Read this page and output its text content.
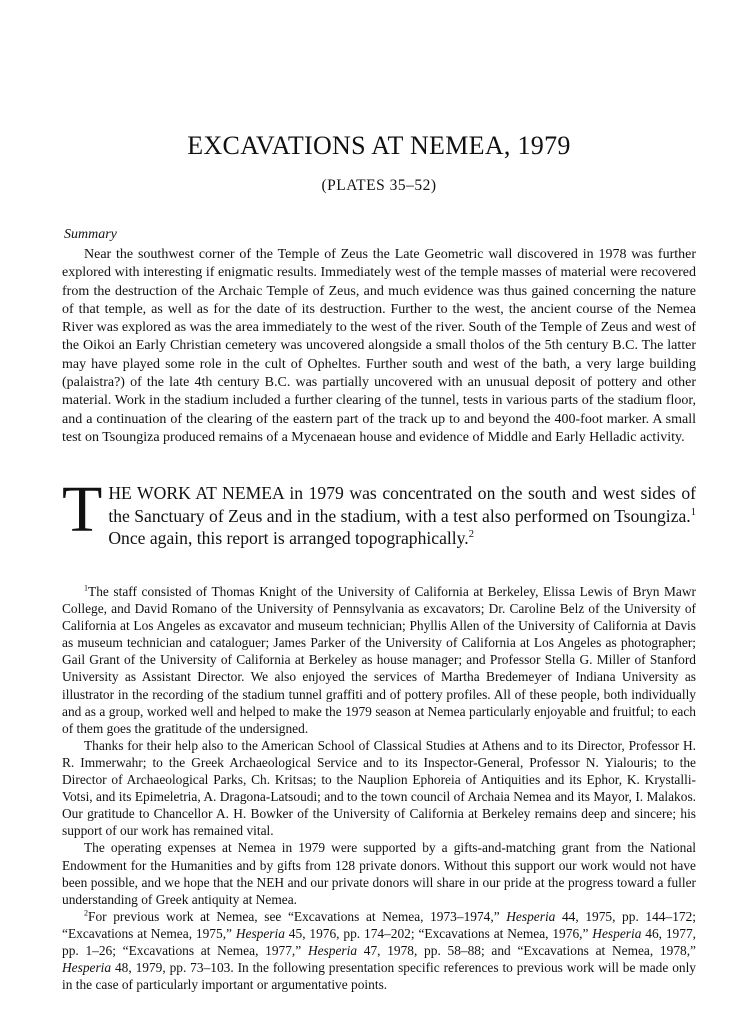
EXCAVATIONS AT NEMEA, 1979
(PLATES 35–52)
Summary

Near the southwest corner of the Temple of Zeus the Late Geometric wall discovered in 1978 was further explored with interesting if enigmatic results. Immediately west of the temple masses of material were recovered from the destruction of the Archaic Temple of Zeus, and much evidence was thus gained concerning the nature of that temple, as well as for the date of its destruction. Further to the west, the ancient course of the Nemea River was explored as was the area immediately to the west of the river. South of the Temple of Zeus and west of the Oikoi an Early Christian cemetery was uncovered alongside a small tholos of the 5th century B.C. The latter may have played some role in the cult of Opheltes. Further south and west of the bath, a very large building (palaistra?) of the late 4th century B.C. was partially uncovered with an unusual deposit of pottery and other material. Work in the stadium included a further clearing of the tunnel, tests in various parts of the stadium floor, and a continuation of the clearing of the eastern part of the track up to and beyond the 400-foot marker. A small test on Tsoungiza produced remains of a Mycenaean house and evidence of Middle and Early Helladic activity.

THE WORK AT NEMEA in 1979 was concentrated on the south and west sides of the Sanctuary of Zeus and in the stadium, with a test also performed on Tsoungiza.$^1$ Once again, this report is arranged topographically.$^2$

$^1$The staff consisted of Thomas Knight of the University of California at Berkeley, Elissa Lewis of Bryn Mawr College, and David Romano of the University of Pennsylvania as excavators; Dr. Caroline Belz of the University of California at Los Angeles as excavator and museum technician; Phyllis Allen of the University of California at Davis as museum technician and cataloguer; James Parker of the University of California at Los Angeles as photographer; Gail Grant of the University of California at Berkeley as house manager; and Professor Stella G. Miller of Stanford University as Assistant Director. We also enjoyed the services of Martha Bredemeyer of Indiana University as illustrator in the recording of the stadium tunnel graffiti and of pottery profiles. All of these people, both individually and as a group, worked well and helped to make the 1979 season at Nemea particularly enjoyable and fruitful; to each of them goes the gratitude of the undersigned.

Thanks for their help also to the American School of Classical Studies at Athens and to its Director, Professor H. R. Immerwahr; to the Greek Archaeological Service and to its Inspector-General, Professor N. Yialouris; to the Director of Archaeological Parks, Ch. Kritsas; to the Nauplion Ephoreia of Antiquities and its Ephor, K. Krystalli-Votsi, and its Epimeletria, A. Dragona-Latsoudi; and to the town council of Archaia Nemea and its Mayor, I. Malakos. Our gratitude to Chancellor A. H. Bowker of the University of California at Berkeley remains deep and sincere; his support of our work has remained vital.

The operating expenses at Nemea in 1979 were supported by a gifts-and-matching grant from the National Endowment for the Humanities and by gifts from 128 private donors. Without this support our work would not have been possible, and we hope that the NEH and our private donors will share in our pride at the progress toward a fuller understanding of Greek antiquity at Nemea.

$^2$For previous work at Nemea, see “Excavations at Nemea, 1973–1974,” Hesperia 44, 1975, pp. 144–172; “Excavations at Nemea, 1975,” Hesperia 45, 1976, pp. 174–202; “Excavations at Nemea, 1976,” Hesperia 46, 1977, pp. 1–26; “Excavations at Nemea, 1977,” Hesperia 47, 1978, pp. 58–88; and “Excavations at Nemea, 1978,” Hesperia 48, 1979, pp. 73–103. In the following presentation specific references to previous work will be made only in the case of particularly important or argumentative points.
